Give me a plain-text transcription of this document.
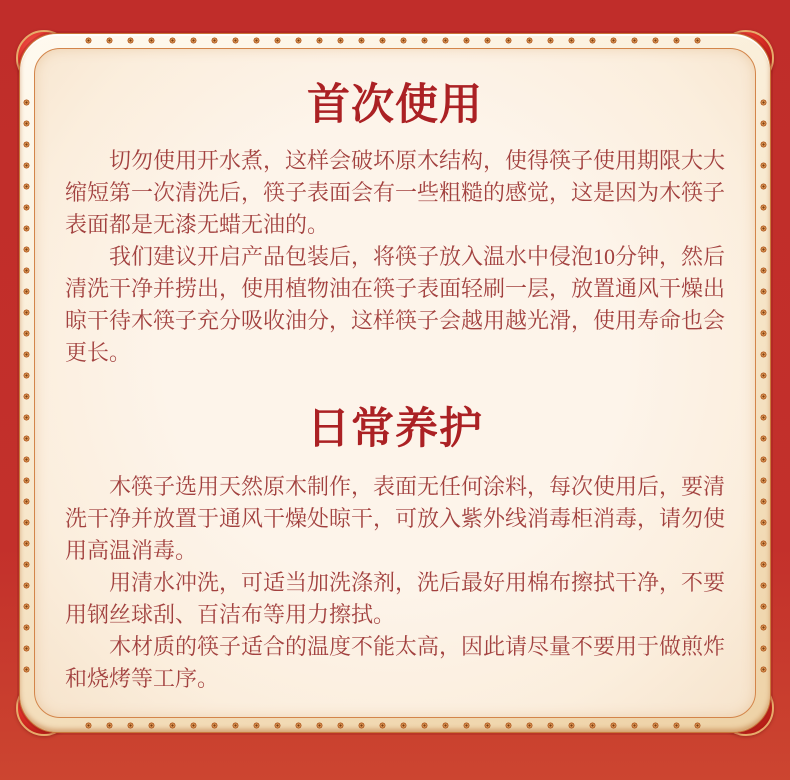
首次使用

切勿使用开水煮，这样会破坏原木结构，使得筷子使用期限大大缩短第一次清洗后，筷子表面会有一些粗糙的感觉，这是因为木筷子表面都是无漆无蜡无油的。

我们建议开启产品包装后，将筷子放入温水中侵泡10分钟，然后清洗干净并捞出，使用植物油在筷子表面轻刷一层，放置通风干燥出晾干待木筷子充分吸收油分，这样筷子会越用越光滑，使用寿命也会更长。

日常养护

木筷子选用天然原木制作，表面无任何涂料，每次使用后，要清洗干净并放置于通风干燥处晾干，可放入紫外线消毒柜消毒，请勿使用高温消毒。

用清水冲洗，可适当加洗涤剂，洗后最好用棉布擦拭干净，不要用钢丝球刮、百洁布等用力擦拭。

木材质的筷子适合的温度不能太高，因此请尽量不要用于做煎炸和烧烤等工序。
